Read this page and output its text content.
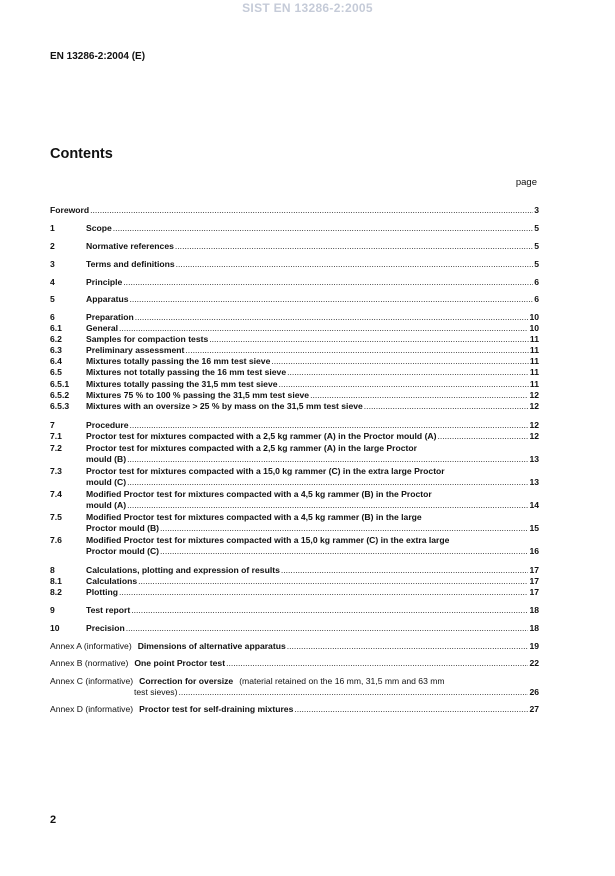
SIST EN 13286-2:2005
EN 13286-2:2004 (E)
Contents
page
Foreword .....	3
1	Scope .....	5
2	Normative references .....	5
3	Terms and definitions .....	5
4	Principle .....	6
5	Apparatus .....	6
6	Preparation .....	10
6.1	General .....	10
6.2	Samples for compaction tests .....	11
6.3	Preliminary assessment .....	11
6.4	Mixtures totally passing the 16 mm test sieve .....	11
6.5	Mixtures not totally passing the 16 mm test sieve .....	11
6.5.1	Mixtures totally passing the 31,5 mm test sieve .....	11
6.5.2	Mixtures 75 % to 100 % passing the 31,5 mm test sieve .....	12
6.5.3	Mixtures with an oversize > 25 % by mass on the 31,5 mm test sieve .....	12
7	Procedure .....	12
7.1	Proctor test for mixtures compacted with a 2,5 kg rammer (A) in the Proctor mould (A) .....	12
7.2	Proctor test for mixtures compacted with a 2,5 kg rammer (A) in the large Proctor
mould (B) .....	13
7.3	Proctor test for mixtures compacted with a 15,0 kg rammer (C) in the extra large Proctor
mould (C) .....	13
7.4	Modified Proctor test for mixtures compacted with a 4,5 kg rammer (B) in the Proctor
mould (A) .....	14
7.5	Modified Proctor test for mixtures compacted with a 4,5 kg rammer (B) in the large
Proctor mould (B) .....	15
7.6	Modified Proctor test for mixtures compacted with a 15,0 kg rammer (C) in the extra large
Proctor mould (C) .....	16
8	Calculations, plotting and expression of results .....	17
8.1	Calculations .....	17
8.2	Plotting .....	17
9	Test report .....	18
10	Precision .....	18
Annex A (informative) Dimensions of alternative apparatus .....	19
Annex B (normative) One point Proctor test .....	22
Annex C (informative) Correction for oversize (material retained on the 16 mm, 31,5 mm and 63 mm
test sieves) .....	26
Annex D (informative) Proctor test for self-draining mixtures .....	27
2
